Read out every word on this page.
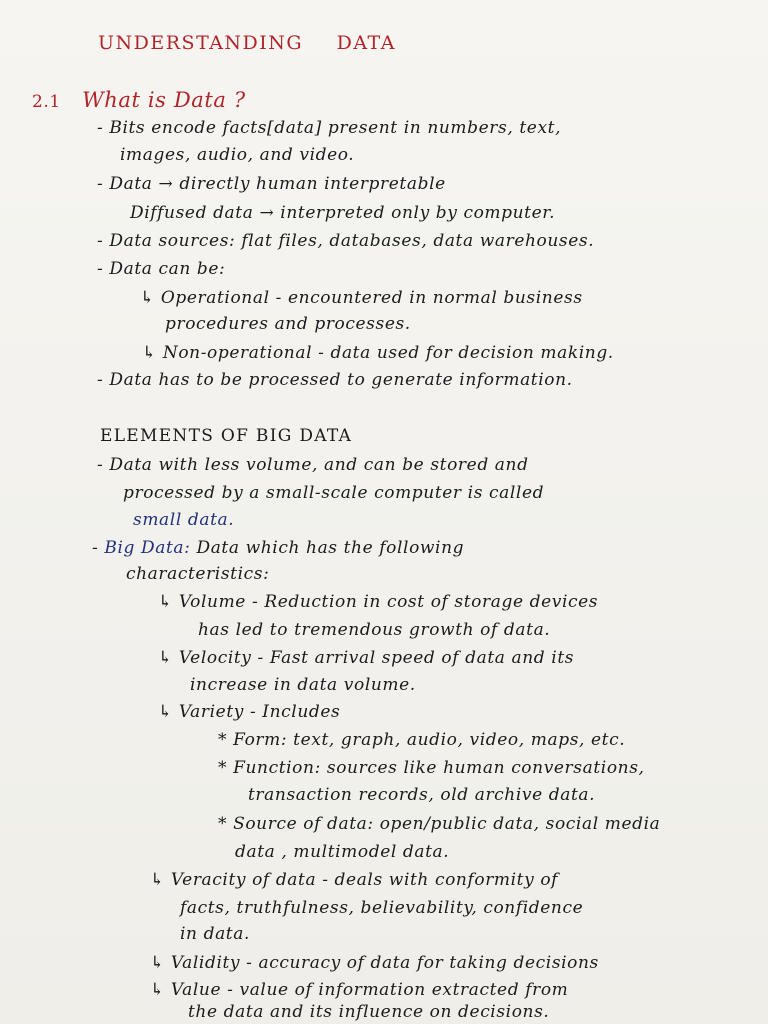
UNDERSTANDING DATA
2.1 What is Data ?
- Bits encode facts[data] present in numbers, text,
images, audio, and video.
- Data → directly human interpretable
Diffused data → interpreted only by computer.
- Data sources: flat files, databases, data warehouses.
- Data can be:
↳ Operational - encountered in normal business
procedures and processes.
↳ Non-operational - data used for decision making.
- Data has to be processed to generate information.
ELEMENTS OF BIG DATA
- Data with less volume, and can be stored and
processed by a small-scale computer is called
small data.
- Big Data: Data which has the following
characteristics:
↳ Volume - Reduction in cost of storage devices
has led to tremendous growth of data.
↳ Velocity - Fast arrival speed of data and its
increase in data volume.
↳ Variety - Includes
* Form: text, graph, audio, video, maps, etc.
* Function: sources like human conversations,
transaction records, old archive data.
* Source of data: open/public data, social media
data , multimodel data.
↳ Veracity of data - deals with conformity of
facts, truthfulness, believability, confidence
in data.
↳ Validity - accuracy of data for taking decisions
↳ Value - value of information extracted from
the data and its influence on decisions.
